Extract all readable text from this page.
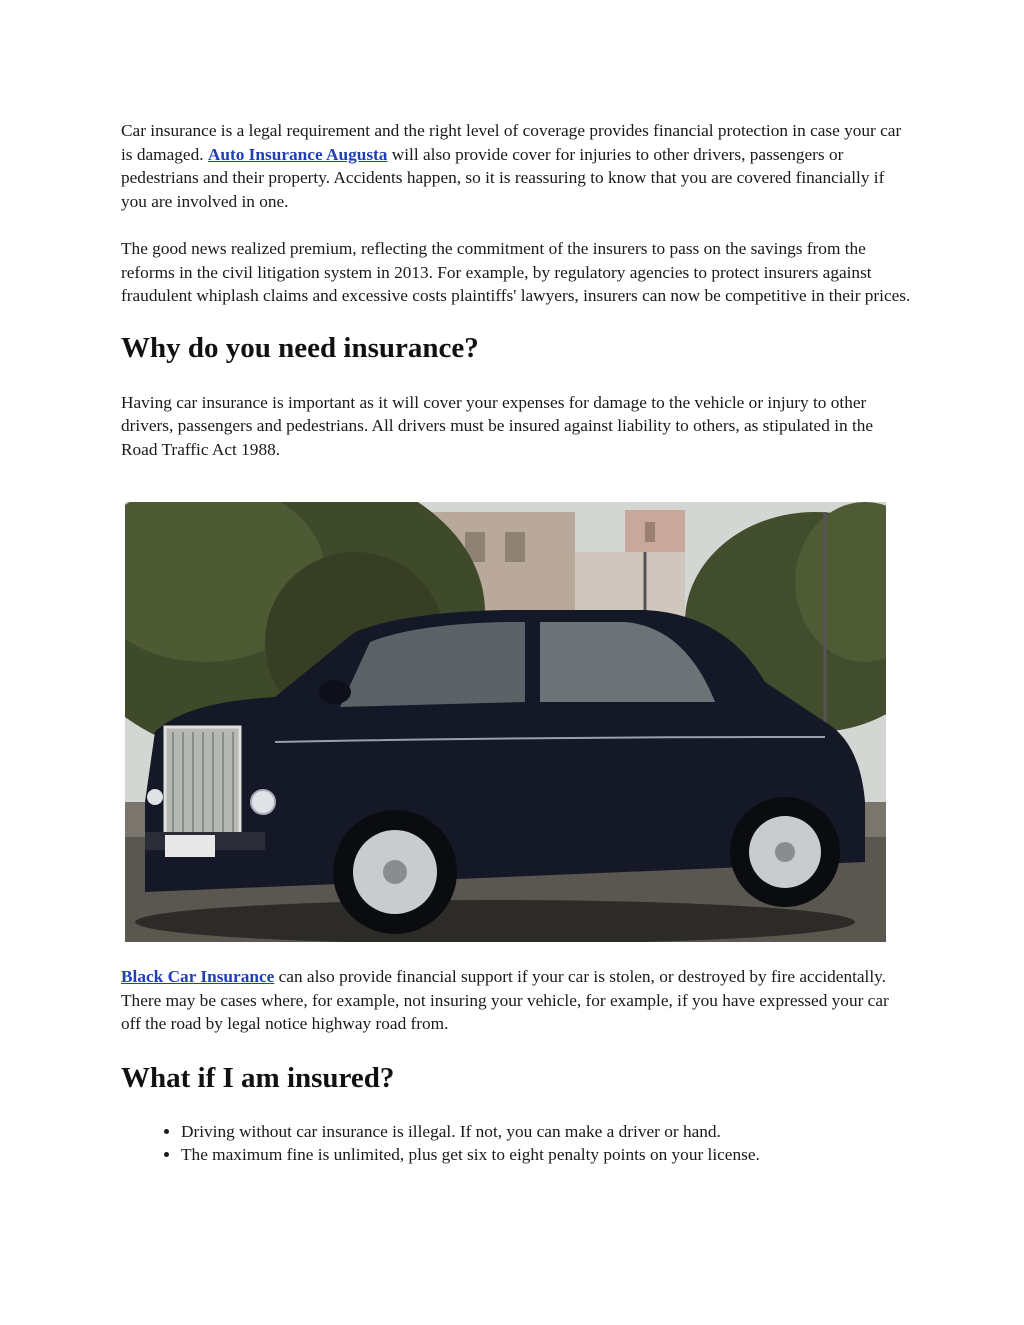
Car insurance is a legal requirement and the right level of coverage provides financial protection in case your car is damaged. Auto Insurance Augusta will also provide cover for injuries to other drivers, passengers or pedestrians and their property. Accidents happen, so it is reassuring to know that you are covered financially if you are involved in one.

The good news realized premium, reflecting the commitment of the insurers to pass on the savings from the reforms in the civil litigation system in 2013. For example, by regulatory agencies to protect insurers against fraudulent whiplash claims and excessive costs plaintiffs' lawyers, insurers can now be competitive in their prices.

Why do you need insurance?

Having car insurance is important as it will cover your expenses for damage to the vehicle or injury to other drivers, passengers and pedestrians. All drivers must be insured against liability to others, as stipulated in the Road Traffic Act 1988.

Black Car Insurance can also provide financial support if your car is stolen, or destroyed by fire accidentally. There may be cases where, for example, not insuring your vehicle, for example, if you have expressed your car off the road by legal notice highway road from.

What if I am insured?
• Driving without car insurance is illegal. If not, you can make a driver or hand.
• The maximum fine is unlimited, plus get six to eight penalty points on your license.
